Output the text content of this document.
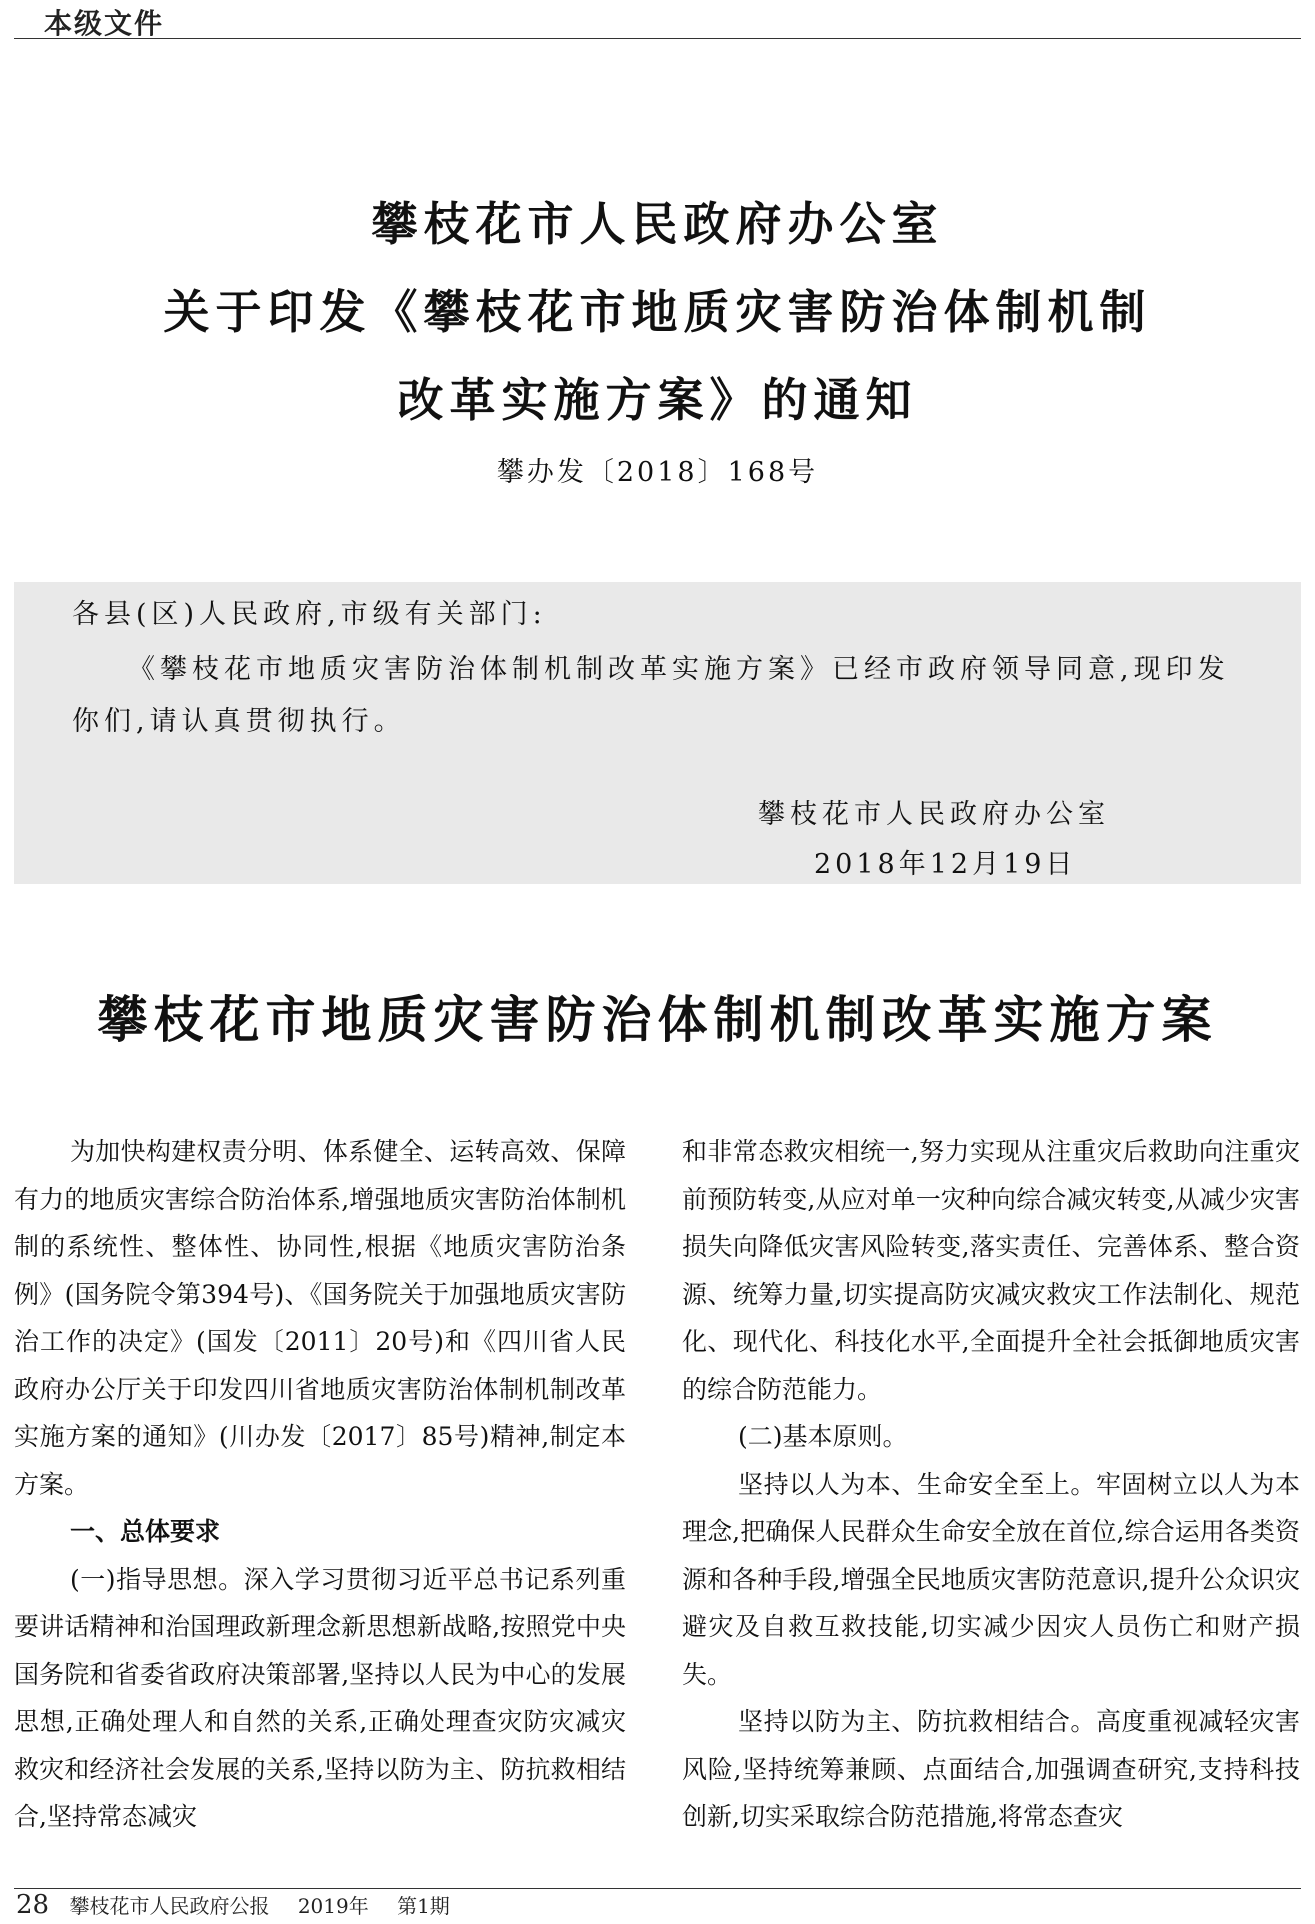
本级文件
攀枝花市人民政府办公室
关于印发《攀枝花市地质灾害防治体制机制
改革实施方案》的通知
攀办发〔2018〕168号
各县(区)人民政府,市级有关部门:
《攀枝花市地质灾害防治体制机制改革实施方案》已经市政府领导同意,现印发你们,请认真贯彻执行。
攀枝花市人民政府办公室
2018年12月19日
攀枝花市地质灾害防治体制机制改革实施方案

为加快构建权责分明、体系健全、运转高效、保障有力的地质灾害综合防治体系,增强地质灾害防治体制机制的系统性、整体性、协同性,根据《地质灾害防治条例》(国务院令第394号)、《国务院关于加强地质灾害防治工作的决定》(国发〔2011〕20号)和《四川省人民政府办公厅关于印发四川省地质灾害防治体制机制改革实施方案的通知》(川办发〔2017〕85号)精神,制定本方案。

一、总体要求

(一)指导思想。深入学习贯彻习近平总书记系列重要讲话精神和治国理政新理念新思想新战略,按照党中央国务院和省委省政府决策部署,坚持以人民为中心的发展思想,正确处理人和自然的关系,正确处理查灾防灾减灾救灾和经济社会发展的关系,坚持以防为主、防抗救相结合,坚持常态减灾

和非常态救灾相统一,努力实现从注重灾后救助向注重灾前预防转变,从应对单一灾种向综合减灾转变,从减少灾害损失向降低灾害风险转变,落实责任、完善体系、整合资源、统筹力量,切实提高防灾减灾救灾工作法制化、规范化、现代化、科技化水平,全面提升全社会抵御地质灾害的综合防范能力。

(二)基本原则。

坚持以人为本、生命安全至上。牢固树立以人为本理念,把确保人民群众生命安全放在首位,综合运用各类资源和各种手段,增强全民地质灾害防范意识,提升公众识灾避灾及自救互救技能,切实减少因灾人员伤亡和财产损失。

坚持以防为主、防抗救相结合。高度重视减轻灾害风险,坚持统筹兼顾、点面结合,加强调查研究,支持科技创新,切实采取综合防范措施,将常态查灾

28 攀枝花市人民政府公报 2019年 第1期
